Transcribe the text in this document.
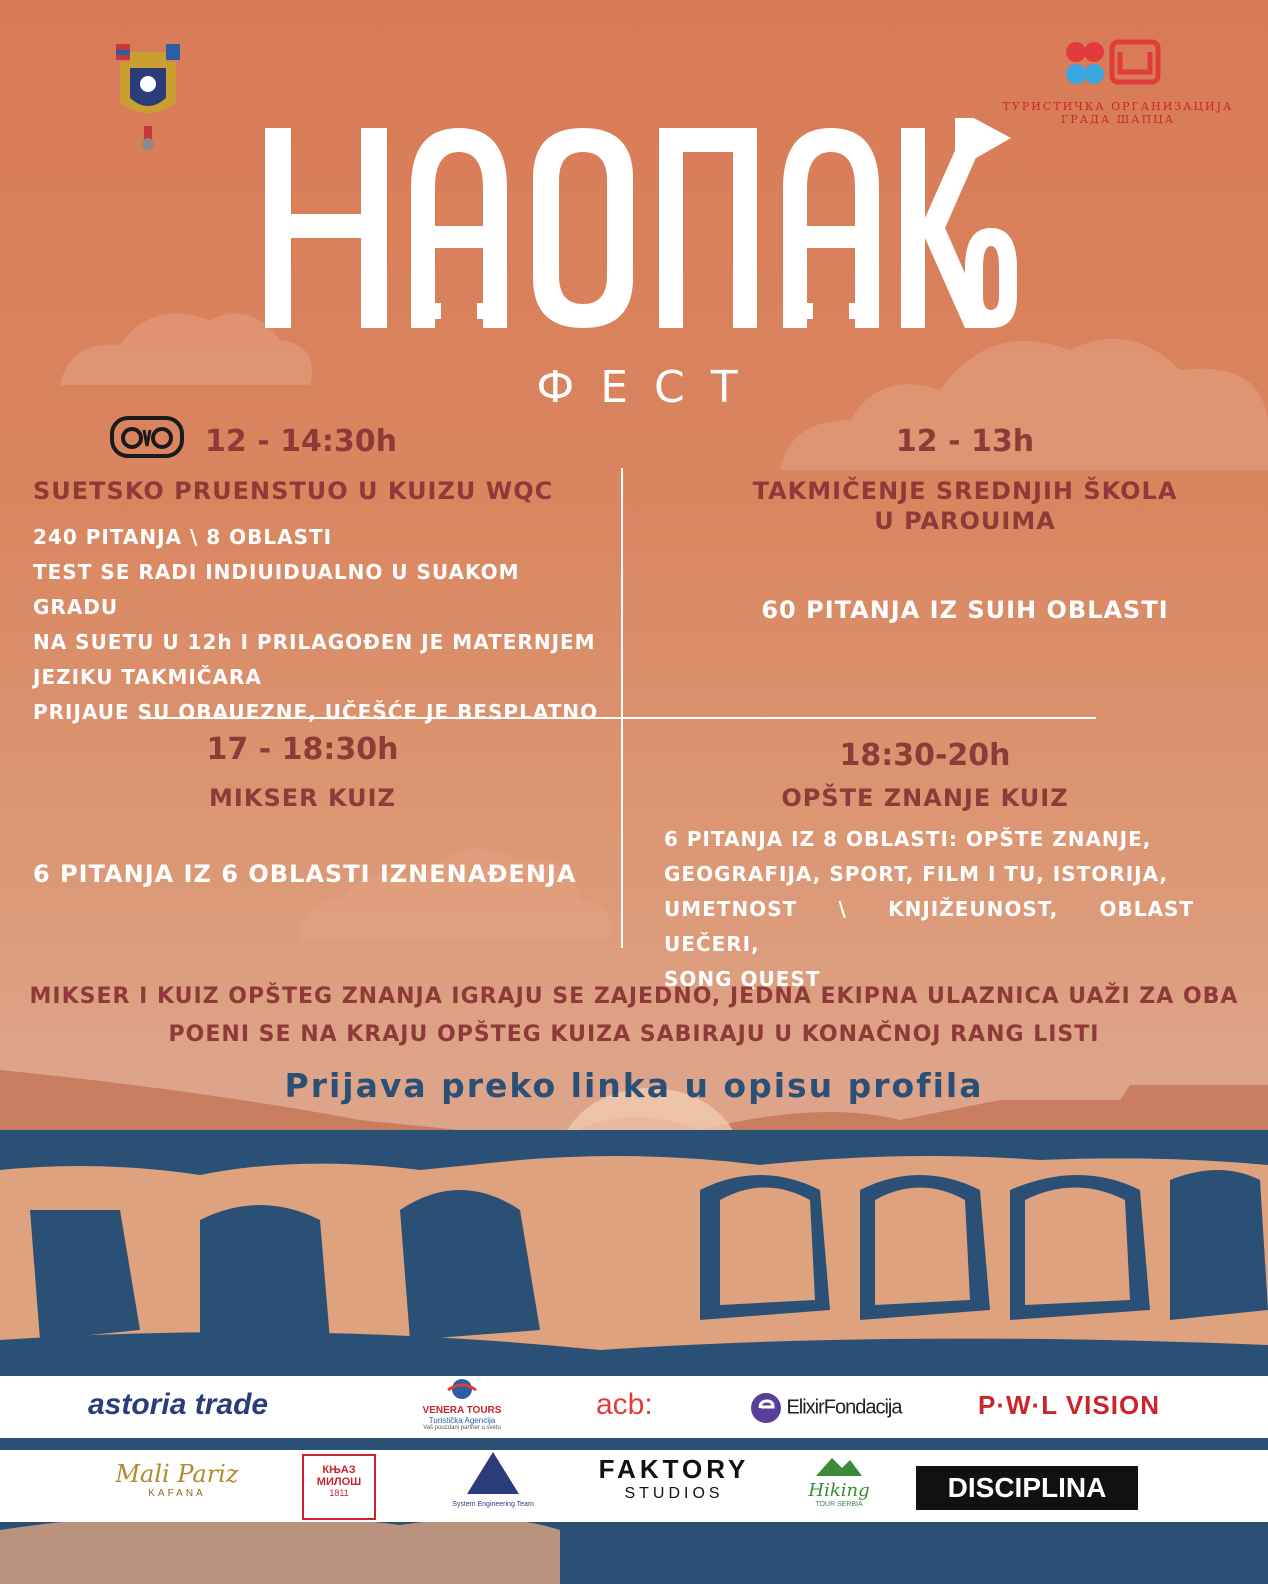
ТУРИСТИЧКА ОРГАНИЗАЦИЈА
ГРАДА ШАПЦА
ФЕСТ
12 - 14:30h
SUETSKO PRUENSTUO U KUIZU WQC
240 PITANJA \ 8 OBLASTI
TEST SE RADI INDIUIDUALNO U SUAKOM GRADU
NA SUETU U 12h I PRILAGOĐEN JE MATERNJEM
JEZIKU TAKMIČARA
PRIJAUE SU OBAUEZNE, UČEŠĆE JE BESPLATNO
12 - 13h
TAKMIČENJE SREDNJIH ŠKOLA
U PAROUIMA
60 PITANJA IZ SUIH OBLASTI
17 - 18:30h
MIKSER KUIZ
6 PITANJA IZ 6 OBLASTI IZNENAĐENJA
18:30-20h
OPŠTE ZNANJE KUIZ
6 PITANJA IZ 8 OBLASTI: OPŠTE ZNANJE,
GEOGRAFIJA, SPORT, FILM I TU, ISTORIJA,
UMETNOST \ KNJIŽEUNOST, OBLAST UEČERI,
SONG QUEST
MIKSER I KUIZ OPŠTEG ZNANJA IGRAJU SE ZAJEDNO, JEDNA EKIPNA ULAZNICA UAŽI ZA OBA
POENI SE NA KRAJU OPŠTEG KUIZA SABIRAJU U KONAČNOJ RANG LISTI
Prijava preko linka u opisu profila
astoria trade	VENERA TOURS
Turistička Agencija
Vaš pouzdani partner u svetu
acb:	ElixirFondacija	P·W·L VISION
Mali Pariz
KAFANA
КЊАЗ МИЛОШ
1811
System Engineering Team
FAKTORY
STUDIOS	Hiking
TOUR SERBIA
DISCIPLINA
